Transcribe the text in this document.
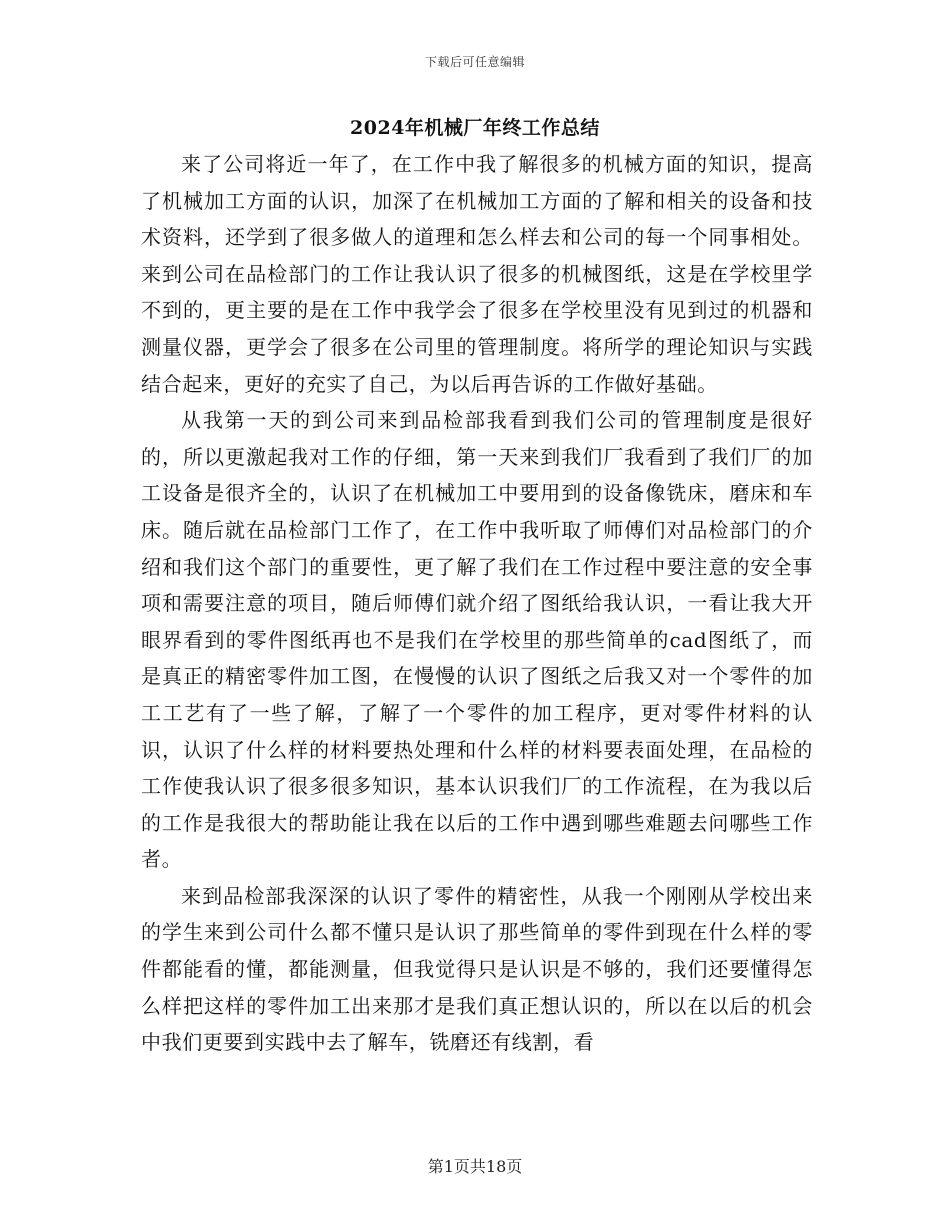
下载后可任意编辑
2024年机械厂年终工作总结

来了公司将近一年了，在工作中我了解很多的机械方面的知识，提高了机械加工方面的认识，加深了在机械加工方面的了解和相关的设备和技术资料，还学到了很多做人的道理和怎么样去和公司的每一个同事相处。来到公司在品检部门的工作让我认识了很多的机械图纸，这是在学校里学不到的，更主要的是在工作中我学会了很多在学校里没有见到过的机器和测量仪器，更学会了很多在公司里的管理制度。将所学的理论知识与实践结合起来，更好的充实了自己，为以后再告诉的工作做好基础。

从我第一天的到公司来到品检部我看到我们公司的管理制度是很好的，所以更激起我对工作的仔细，第一天来到我们厂我看到了我们厂的加工设备是很齐全的，认识了在机械加工中要用到的设备像铣床，磨床和车床。随后就在品检部门工作了，在工作中我听取了师傅们对品检部门的介绍和我们这个部门的重要性，更了解了我们在工作过程中要注意的安全事项和需要注意的项目，随后师傅们就介绍了图纸给我认识，一看让我大开眼界看到的零件图纸再也不是我们在学校里的那些简单的cad图纸了，而是真正的精密零件加工图，在慢慢的认识了图纸之后我又对一个零件的加工工艺有了一些了解，了解了一个零件的加工程序，更对零件材料的认识，认识了什么样的材料要热处理和什么样的材料要表面处理，在品检的工作使我认识了很多很多知识，基本认识我们厂的工作流程，在为我以后的工作是我很大的帮助能让我在以后的工作中遇到哪些难题去问哪些工作者。

来到品检部我深深的认识了零件的精密性，从我一个刚刚从学校出来的学生来到公司什么都不懂只是认识了那些简单的零件到现在什么样的零件都能看的懂，都能测量，但我觉得只是认识是不够的，我们还要懂得怎么样把这样的零件加工出来那才是我们真正想认识的，所以在以后的机会中我们更要到实践中去了解车，铣磨还有线割，看

第1页共18页
